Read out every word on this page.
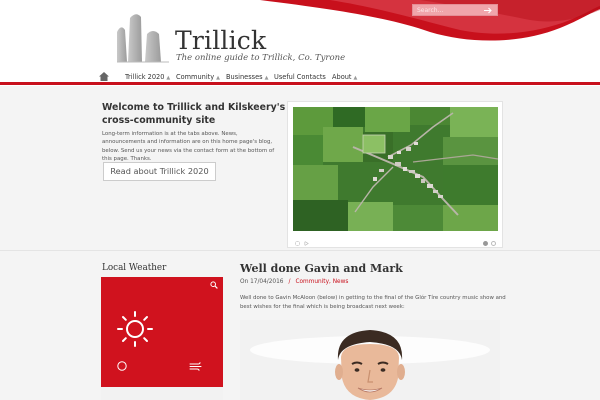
Search...
Trillick
The online guide to Trillick, Co. Tyrone
Trillick 2020 ▲ Community ▲ Businesses ▲ Useful Contacts About ▲
Welcome to Trillick and Kilskeery's cross-community site

Long-term information is at the tabs above. News, announcements and information are on this home page's blog, below. Send us your news via the contact form at the bottom of this page. Thanks.

Read about Trillick 2020
Local Weather	Well done Gavin and Mark
On 17/04/2016 / Community, News

Well done to Gavin McAloon (below) in getting to the final of the Glór Tíre country music show and best wishes for the final which is being broadcast next week:
